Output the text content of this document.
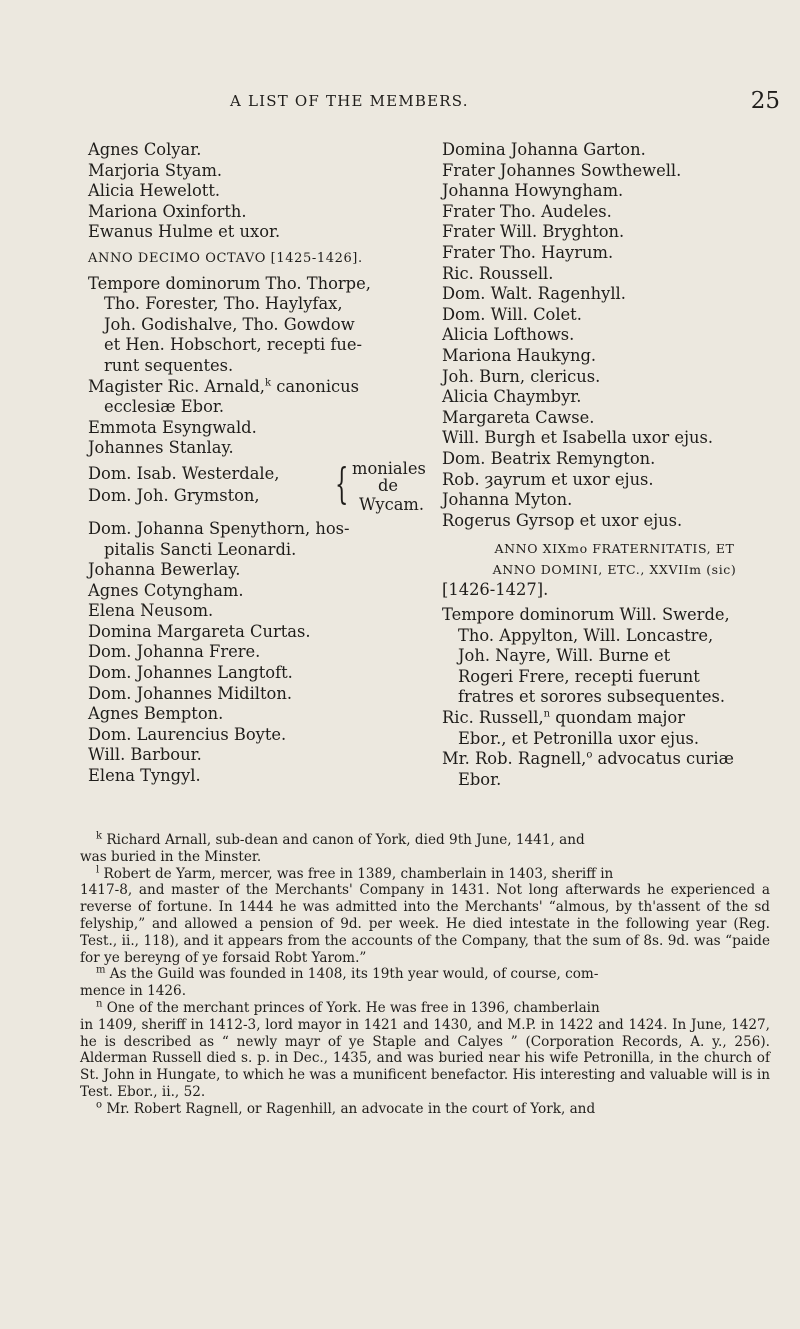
A LIST OF THE MEMBERS.	25
Agnes Colyar.
Marjoria Styam.
Alicia Hewelott.
Mariona Oxinforth.
Ewanus Hulme et uxor.
ANNO DECIMO OCTAVO [1425-1426].
Tempore dominorum Tho. Thorpe,
Tho. Forester, Tho. Haylyfax,
Joh. Godishalve, Tho. Gowdow
et Hen. Hobschort, recepti fue-
runt sequentes.
Magister Ric. Arnald,$^k$ canonicus
ecclesiæ Ebor.
Emmota Esyngwald.
Johannes Stanlay.
Dom. Isab. Westerdale,
Dom. Joh. Grymston, { moniales
de
Wycam.
Dom. Johanna Spenythorn, hos-
pitalis Sancti Leonardi.
Johanna Bewerlay.
Agnes Cotyngham.
Elena Neusom.
Domina Margareta Curtas.
Dom. Johanna Frere.
Dom. Johannes Langtoft.
Dom. Johannes Midilton.
Agnes Bempton.
Dom. Laurencius Boyte.
Will. Barbour.
Elena Tyngyl.
Domina Johanna Garton.
Frater Johannes Sowthewell.
Johanna Howyngham.
Frater Tho. Audeles.
Frater Will. Bryghton.
Frater Tho. Hayrum.
Ric. Roussell.
Dom. Walt. Ragenhyll.
Dom. Will. Colet.
Alicia Lofthows.
Mariona Haukyng.
Joh. Burn, clericus.
Alicia Chaymbyr.
Margareta Cawse.
Will. Burgh et Isabella uxor ejus.
Dom. Beatrix Remyngton.
Rob. ȝayrum et uxor ejus.
Johanna Myton.
Rogerus Gyrsop et uxor ejus.
ANNO XIXmo FRATERNITATIS, ET
ANNO DOMINI, ETC., XXVIIm (sic)
[1426-1427].
Tempore dominorum Will. Swerde,
Tho. Appylton, Will. Loncastre,
Joh. Nayre, Will. Burne et
Rogeri Frere, recepti fuerunt
fratres et sorores subsequentes.
Ric. Russell,$^n$ quondam major
Ebor., et Petronilla uxor ejus.
Mr. Rob. Ragnell,$^o$ advocatus curiæ
Ebor.

$^k$ Richard Arnall, sub-dean and canon of York, died 9th June, 1441, and

was buried in the Minster.

$^l$ Robert de Yarm, mercer, was free in 1389, chamberlain in 1403, sheriff in

1417-8, and master of the Merchants' Company in 1431. Not long afterwards he experienced a reverse of fortune. In 1444 he was admitted into the Merchants' “almous, by th'assent of the sd felyship,” and allowed a pension of 9d. per week. He died intestate in the following year (Reg. Test., ii., 118), and it appears from the accounts of the Company, that the sum of 8s. 9d. was “paide for ye bereyng of ye forsaid Robt Yarom.”

$^m$ As the Guild was founded in 1408, its 19th year would, of course, com-

mence in 1426.

$^n$ One of the merchant princes of York. He was free in 1396, chamberlain

in 1409, sheriff in 1412-3, lord mayor in 1421 and 1430, and M.P. in 1422 and 1424. In June, 1427, he is described as “ newly mayr of ye Staple and Calyes ” (Corporation Records, A. y., 256). Alderman Russell died s. p. in Dec., 1435, and was buried near his wife Petronilla, in the church of St. John in Hungate, to which he was a munificent benefactor. His interesting and valuable will is in Test. Ebor., ii., 52.

$^o$ Mr. Robert Ragnell, or Ragenhill, an advocate in the court of York, and
